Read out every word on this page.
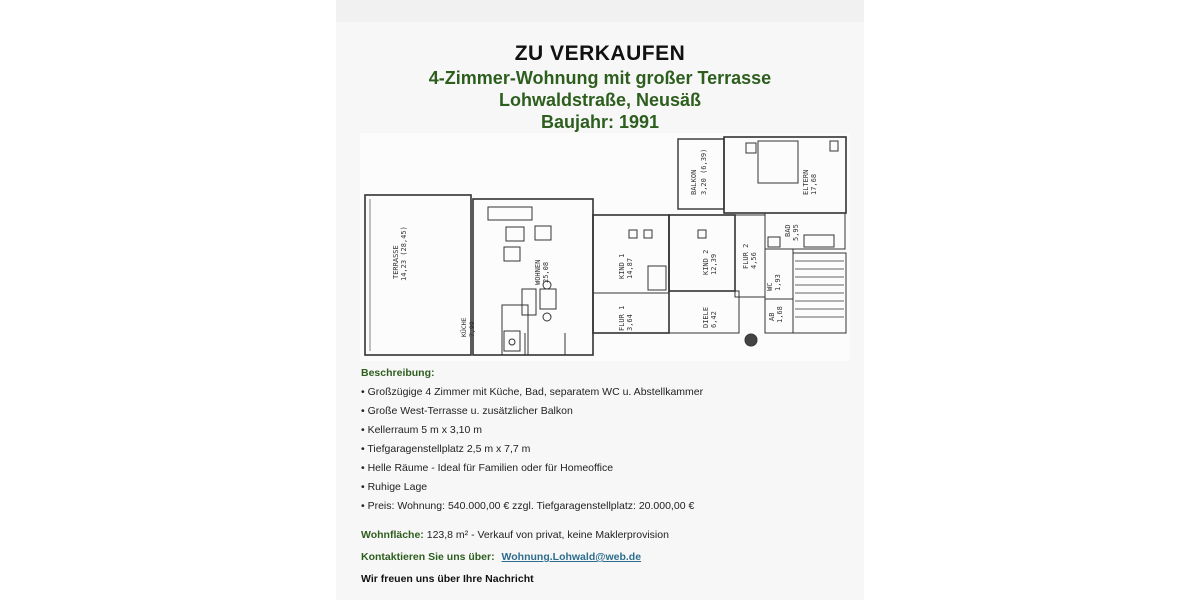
ZU VERKAUFEN
4-Zimmer-Wohnung mit großer Terrasse
Lohwaldstraße, Neusäß
Baujahr: 1991
TERRASSE 14,23 (28,45)	WOHNEN 25,08
KÜCHE 7,99
KIND 1 14,87
FLUR 1 3,64
KIND 2 12,39
DIELE 6,42
FLUR 2 4,56
BALKON 3,20 (6,39)	ELTERN 17,68
BAD 5,95
WC 1,93
AB 1,68
Beschreibung:
• Großzügige 4 Zimmer mit Küche, Bad, separatem WC u. Abstellkammer
• Große West-Terrasse u. zusätzlicher Balkon
• Kellerraum 5 m x 3,10 m
• Tiefgaragenstellplatz 2,5 m x 7,7 m
• Helle Räume - Ideal für Familien oder für Homeoffice
• Ruhige Lage
• Preis: Wohnung: 540.000,00 € zzgl. Tiefgaragenstellplatz: 20.000,00 €
Wohnfläche: 123,8 m² - Verkauf von privat, keine Maklerprovision
Kontaktieren Sie uns über: Wohnung.Lohwald@web.de
Wir freuen uns über Ihre Nachricht
